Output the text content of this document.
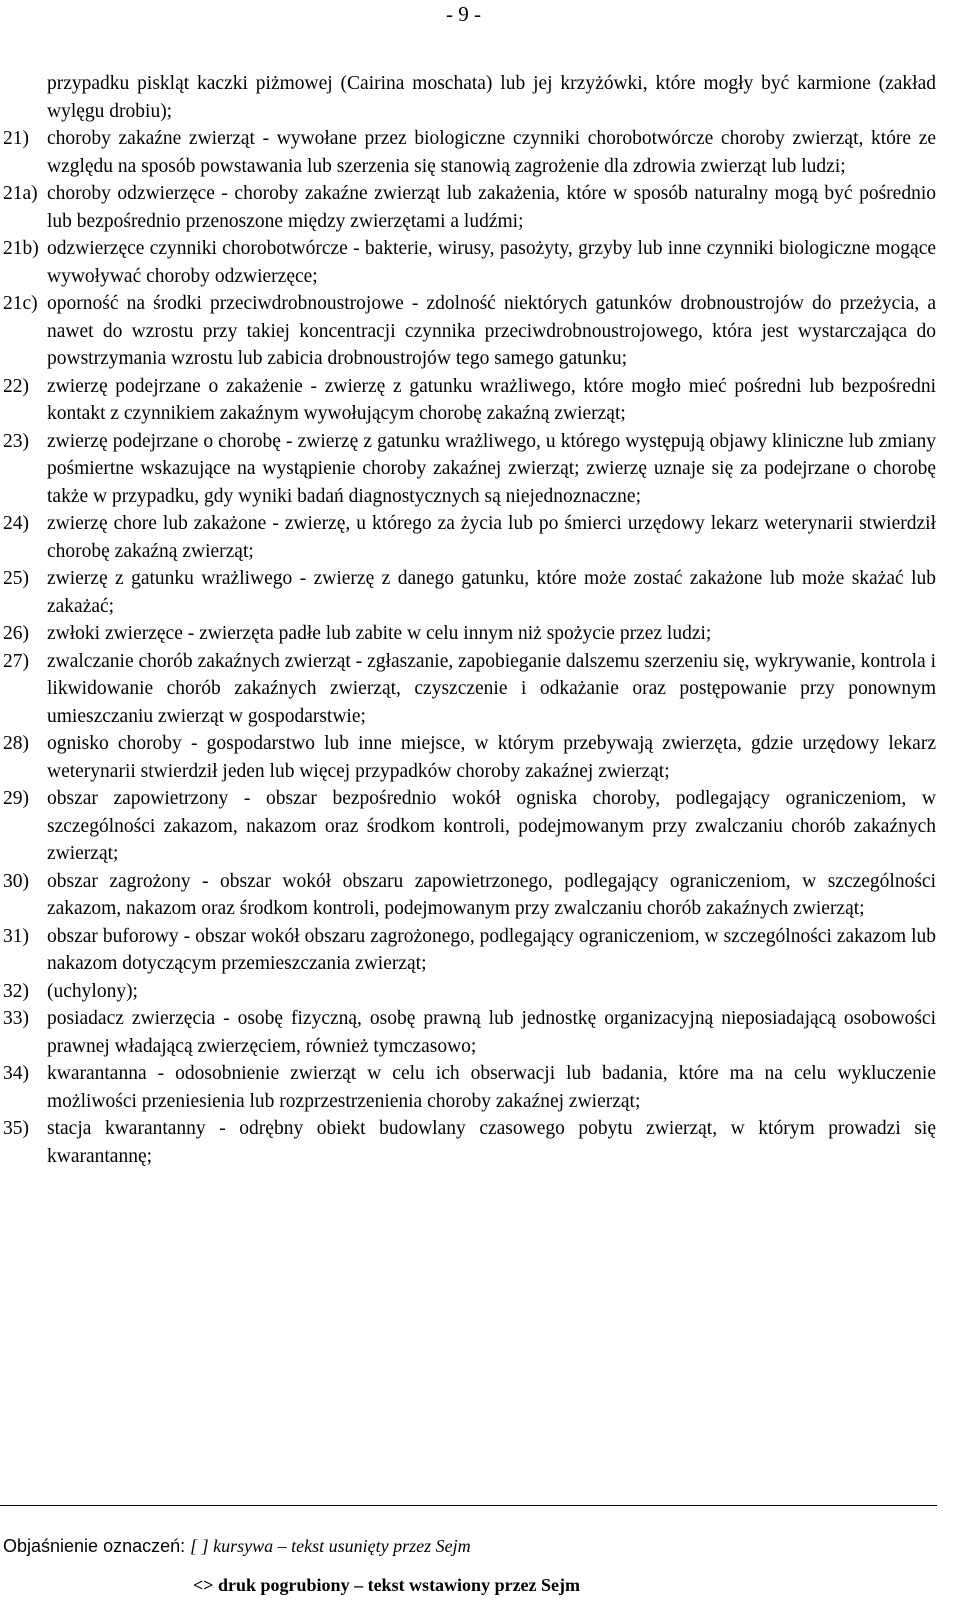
- 9 -
przypadku piskląt kaczki piżmowej (Cairina moschata) lub jej krzyżówki, które mogły być karmione (zakład wylęgu drobiu);
21) choroby zakaźne zwierząt - wywołane przez biologiczne czynniki chorobotwórcze choroby zwierząt, które ze względu na sposób powstawania lub szerzenia się stanowią zagrożenie dla zdrowia zwierząt lub ludzi;
21a) choroby odzwierzęce - choroby zakaźne zwierząt lub zakażenia, które w sposób naturalny mogą być pośrednio lub bezpośrednio przenoszone między zwierzętami a ludźmi;
21b) odzwierzęce czynniki chorobotwórcze - bakterie, wirusy, pasożyty, grzyby lub inne czynniki biologiczne mogące wywoływać choroby odzwierzęce;
21c) oporność na środki przeciwdrobnoustrojowe - zdolność niektórych gatunków drobnoustrojów do przeżycia, a nawet do wzrostu przy takiej koncentracji czynnika przeciwdrobnoustrojowego, która jest wystarczająca do powstrzymania wzrostu lub zabicia drobnoustrojów tego samego gatunku;
22) zwierzę podejrzane o zakażenie - zwierzę z gatunku wrażliwego, które mogło mieć pośredni lub bezpośredni kontakt z czynnikiem zakaźnym wywołującym chorobę zakaźną zwierząt;
23) zwierzę podejrzane o chorobę - zwierzę z gatunku wrażliwego, u którego występują objawy kliniczne lub zmiany pośmiertne wskazujące na wystąpienie choroby zakaźnej zwierząt; zwierzę uznaje się za podejrzane o chorobę także w przypadku, gdy wyniki badań diagnostycznych są niejednoznaczne;
24) zwierzę chore lub zakażone - zwierzę, u którego za życia lub po śmierci urzędowy lekarz weterynarii stwierdził chorobę zakaźną zwierząt;
25) zwierzę z gatunku wrażliwego - zwierzę z danego gatunku, które może zostać zakażone lub może skażać lub zakażać;
26) zwłoki zwierzęce - zwierzęta padłe lub zabite w celu innym niż spożycie przez ludzi;
27) zwalczanie chorób zakaźnych zwierząt - zgłaszanie, zapobieganie dalszemu szerzeniu się, wykrywanie, kontrola i likwidowanie chorób zakaźnych zwierząt, czyszczenie i odkażanie oraz postępowanie przy ponownym umieszczaniu zwierząt w gospodarstwie;
28) ognisko choroby - gospodarstwo lub inne miejsce, w którym przebywają zwierzęta, gdzie urzędowy lekarz weterynarii stwierdził jeden lub więcej przypadków choroby zakaźnej zwierząt;
29) obszar zapowietrzony - obszar bezpośrednio wokół ogniska choroby, podlegający ograniczeniom, w szczególności zakazom, nakazom oraz środkom kontroli, podejmowanym przy zwalczaniu chorób zakaźnych zwierząt;
30) obszar zagrożony - obszar wokół obszaru zapowietrzonego, podlegający ograniczeniom, w szczególności zakazom, nakazom oraz środkom kontroli, podejmowanym przy zwalczaniu chorób zakaźnych zwierząt;
31) obszar buforowy - obszar wokół obszaru zagrożonego, podlegający ograniczeniom, w szczególności zakazom lub nakazom dotyczącym przemieszczania zwierząt;
32) (uchylony);
33) posiadacz zwierzęcia - osobę fizyczną, osobę prawną lub jednostkę organizacyjną nieposiadającą osobowości prawnej władającą zwierzęciem, również tymczasowo;
34) kwarantanna - odosobnienie zwierząt w celu ich obserwacji lub badania, które ma na celu wykluczenie możliwości przeniesienia lub rozprzestrzenienia choroby zakaźnej zwierząt;
35) stacja kwarantanny - odrębny obiekt budowlany czasowego pobytu zwierząt, w którym prowadzi się kwarantannę;
Objaśnienie oznaczeń: [ ] kursywa – tekst usunięty przez Sejm
<> druk pogrubiony – tekst wstawiony przez Sejm
